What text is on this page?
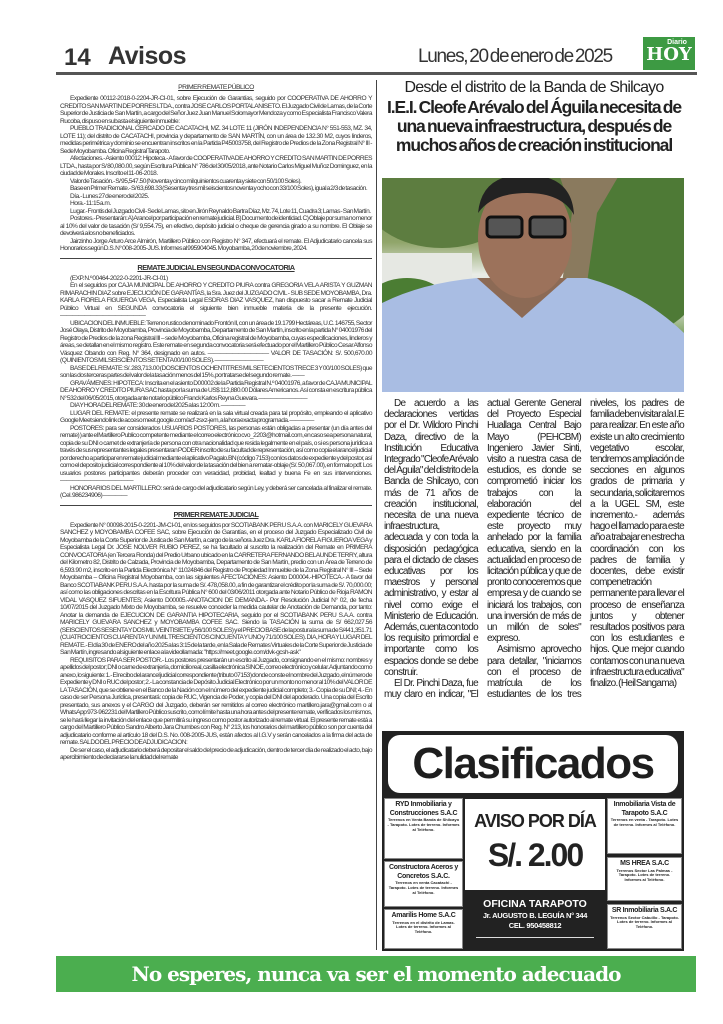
14 Avisos	Lunes, 20 de enero de 2025
Diario
HOY
PRIMER REMATE PÚBLICO

Expediente 00112-2018-0-2204-JR-CI-01, sobre Ejecución de Garantías, seguido por COOPERATIVA DE AHORRO Y CREDITO SAN MARTIN DE PORRES LTDA., contra JOSE CARLOS PORTAL ANISETO. El Juzgado Civil de Lamas, de la Corte Superior de Justicia de San Martín, a cargo del Señor Juez Juan Manuel Solomayor Mendoza y como Especialista Francisco Valera Rucoba, dispuso en subasta el siguiente inmueble:

PUEBLO TRADICIONAL CERCADO DE CACATACHI, MZ. 34 LOTE 11 (JIRÓN INDEPENDENCIA N° 551-553, MZ. 34, LOTE 11); del distrito de CACATACHI, provincia y departamento de SAN MARTÍN, con un área de 132.30 M2, cuyos linderos, medidas perimétrica y dominio se encuentran inscritos en la Partida P45003758, del Registro de Predios de la Zona Registral N° III - Sede Moyobamba. Oficina Registral Tarapoto.

Afectaciones.- Asiento 00012: Hipoteca.- A favor de COOPERATIVA DE AHORRO Y CREDITO SAN MARTIN DE PORRES LTDA., hasta por S/ 80,080.00, según Escritura Pública N° 786 del 30/05/2018, ante Notario Carlos Miguel Muñoz Dominguez, en la ciudad de Morales. Inscrito el 11-06-2018.

Valor de Tasación.- S/ 95,547.50 (Noventa y cinco mil quinientos cuarenta y siete con 50/100 Soles).

Base en Primer Remate.- S/ 63,698.33 (Sesenta y tres mil seiscientos noventa y ocho con 33/100 Soles), igual a 2/3 de tasación.

Día.- Lunes 27 de enero del 2025.

Hora.- 11:15 a.m.

Lugar.- Frontis del Juzgado Civil - Sede Lamas, sito en Jirón Reynaldo Bartra Díaz, Mz. 74, Lote 11, Cuadra 3; Lamas - San Martín.

Postores.- Presentarán: A) Arancel por participación en remate judicial. B) Documento de identidad. C) Oblaje por suma no menor al 10% del valor de tasación (S/ 9,554.75), en efectivo, depósito judicial o cheque de gerencia girado a su nombre. El Oblaje se devolverá a los no beneficiados.

Jairzinho Jorge Arturo Arce Almirón, Martillero Público con Registro N° 347, efectuará el remate. El Adjudicatario cancela sus Honorarios según D.S. N° 008-2005-JUS. Informes al 995904045. Moyobamba, 20 de noviembre, 2024.

REMATE JUDICIAL EN SEGUNDA CONVOCATORIA

(EXP. N.º 00464-2022-0-2201-JR-CI-01)

En el seguidos por CAJA MUNICIPAL DE AHORRO Y CREDITO PIURA contra GREGORIA VELA ARISTA Y GUZMAN RIMARACHIN DIAZ sobre EJECUCIÓN DE GARANTÍAS, la Sra. Juez del JUZGADO CIVIL - SUB SEDE MOYOBAMBA, Dra. KARLA FIORELA FIGUEROA VEGA, Especialista Legal ESDRAS DIAZ VASQUEZ, han dispuesto sacar a Remate Judicial Público Virtual en SEGUNDA convocatoria el siguiente bien inmueble materia de la presente ejecución. ——————————————

UBICACION DEL INMUEBLE: Terreno rustico denominado Frontón II, con un área de 19.1799 Hectáreas, U.C. 146755, Sector José Olaya, Distrito de Moyobamba, Provincia de Moyobamba, Departamento de San Martín, inscrito en la partida N° 04001976 del Registro de Predios de la zona Registral III – sede Moyobamba, Oficina registral de Moyobamba, cuyas especificaciones, linderos y áreas, se detallan en el mismo registro. Este remate en segunda convocatoria será efectuado por el Martillero Público Cesar Alfonso Vásquez Obando con Reg. N° 364, designado en autos. —————————— VALOR DE TASACIÓN: S/. 500,670.00 (QUINIENTOS MIL SEISCIENTOS SETENTA 00/100 SOLES). ————————

BASE DEL REMATE: S/. 283,713.00 (DOSCIENTOS OCHENTITRES MIL SETECIENTOS TRECE 3 Y 00/100 SOLES) que son las dos terceras partes del valor de la tasación menos del 15%, por tratarse del segundo remate. ——

GRAVÁMENES: HIPOTECA: Inscrita en el asiento D00002 de la Partida Registral N.º 04001976, a favor de CAJA MUNICIPAL DE AHORRO Y CREDITO PIURA SAC hasta por la suma de US$ 112,880.00 Dólares Americanos. Así consta en escritura pública N° 532 del 06/05/2015, otorgada ante notario público Franck Karlos Reyna Guevara. ————————

DIA Y HORA DEL REMATE: 30 de enero del 2025 a las 12:00 m. ————

LUGAR DEL REMATE: el presente remate se realizará en la sala virtual creada para tal propósito, empleando el aplicativo Google Meet siendo link de acceso meet.google.com/acf-zsxz-jem, a la hora exacta programada. ————

POSTORES: para ser considerados USUARIOS POSTORES, las personas están obligadas a presentar (un día antes del remate) ) ante el Martillero Publico competente mediante el correo electrónico cvo_2203@hotmail.com, en caso sea persona natural, copia de su DNI o carnet de extranjería de persona con otra nacionalidad que resida legalmente en el país, o si es persona jurídica a través de sus representantes legales presentaran PODER inscrito de su facultad de representación, así como copia el arancel judicial por derecho a participar en remate judicial mediante el aplicativo Pagalo.BN (código 7153) con los datos de expediente y del postor, así como el deposito judicial correspondiente al 10% del valor de la tasación del bien a rematar-oblaje (S/. 50,067.00), en formato pdf. Los usuarios postores participantes deberán proceder con veracidad, probidad, lealtad y buena Fe en sus intervenciones. ————————————

HONORARIOS DEL MARTILLERO: será de cargo del adjudicatario según Ley, y deberá ser cancelada al finalizar el remate. (Cel. 986234906) ————

PRIMER REMATE JUDICIAL

Expediente N° 00098-2015-0-2201-JM-CI-01, en los seguidos por SCOTIABANK PERU S.A.A. con MARICELY GUEVARA SANCHEZ y MOYOBAMBA COFEE SAC, sobre Ejecución de Garantías, en el proceso del Juzgado Especializado Civil de Moyobamba de la Corte Superior de Justica de San Martín, a cargo de la señora Juez Dra. KARLA FIORELA FIGUEROA VEGA y Especialista Legal Dr. JOSE NOLVER RUBIO PEREZ, se ha facultado al suscrito la realización del Remate en PRIMERA CONVOCATORIA (en Tercera Ronda) del Predio Urbano ubicado en la CARRETERA FERNANDO BELAUNDE TERRY, altura del Kilometro 82, Distrito de Calzada, Provincia de Moyobamba, Departamento de San Martín, predio con un Área de Terreno de 6,593.90 m2, inscrito en la Partida Electrónica N° 11024846 del Registro de Propiedad Inmueble de la Zona Registral N° III – Sede Moyobamba – Oficina Registral Moyobamba, con las siguientes AFECTACIONES: Asiento D00004.-HIPOTECA.- A favor del Banco SCOTIABANK PERU S.A.A. hasta por la suma de S/. 478,058.00, a fin de garantizar el crédito por la suma de S/. 70,000.00; así como las obligaciones descritas en la Escritura Pública N° 600 del 03/06/2011 otorgada ante Notario Público de Rioja RAMON VIDAL VASQUEZ SIFUENTES; Asiento D00005.-ANOTACION DE DEMANDA.- Por Resolución Judicial N° 02, de fecha 10/07/2015 del Juzgado Mixto de Moyobamba, se resuelve conceder la medida cautelar de Anotación de Demanda, por tanto: Anotar la demanda de EJECUCION DE GARANTIA HIPOTECARIA, seguido por el SCOTIABANK PERU S.A.A. contra MARICELY GUEVARA SANCHEZ y MOYOBAMBA COFEE SAC. Siendo la TASACIÓN la suma de S/ 662,027.56 (SEISCIENTOS SESENTA Y DOS MIL VEINTISIETE y 56/100 SOLES) y el PRECIO BASE de la postura la suma de S/441,351.71 (CUATROCIENTOS CUARENTA Y UN MIL TRESCIENTOS CINCUENTA Y UNO y 71/100 SOLES). DIA, HORA Y LUGAR DEL REMATE.- El día 30 de ENERO del año 2025 a las 3:15 de la tarde, en la Sala de Remates Virtuales de la Corte Superior de Justicia de San Martín, ingresando al siguiente enlace a la videollamada: "https://meet.google.com/dvk-gcsh-ask"

REQUISITOS PARA SER POSTOR.- Los postores presentarán un escrito al Juzgado, consignando en el mismo: nombres y apellidos del postor; DNI o carne de extranjería, domicilio real, casilla electrónica SINOE, correo electrónico y celular. Adjuntando como anexo, lo siguiente: 1.- El recibo del arancel judicial correspondiente (tributo 07153) donde conste el nombre del Juzgado, el número de Expediente y DNI o RUC del postor; 2.- La constancia de Depósito Judicial Electrónico por un monto no menor al 10% del VALOR DE LA TASACIÓN, que se obtiene en el Banco de la Nación con el número del expediente judicial completo; 3.- Copia de su DNI; 4.- En caso de ser Persona Jurídica, presentará: copia de RUC, Vigencia de Poder, y copia del DNI del apoderado. Una copia del Escrito presentado, sus anexos y el CARGO del Juzgado, deberán ser remitidos al correo electrónico martillero.jara@gmail.com o al WhatsApp 973-962231 del Martillero Público suscrito, como límite hasta una hora antes del presente remate, verificados los mismos, se le hará llegar la invitación del enlace que permitirá su ingreso como postor autorizado al remate virtual. El presente remate está a cargo del Martillero Público Sandro Alberto Jara Chumbes con Reg. N° 213, los honorarios del martillero público son por cuenta del adjudicatario conforme al artículo 18 del D.S. No. 008-2005-JUS, están afectos al I.G.V y serán cancelados a la firma del acta de remate. SALDO DEL PRECIO DE ADJUDICACION:

De ser el caso, el adjudicatario deberá depositar el saldo del precio de adjudicación, dentro de tercer día de realizado el acto, bajo apercibimiento de declararse la nulidad del remate

Desde el distrito de la Banda de Shilcayo
I.E.I. Cleofe Arévalo del Águila necesita de una nueva infraestructura, después de muchos años de creación institucional

De acuerdo a las declaraciones vertidas por el Dr. Wildoro Pinchi Daza, directivo de la Institución Educativa Integrado "Cleofe Arévalo del Águila" del distrito de la Banda de Shilcayo, con más de 71 años de creación institucional, necesita de una nueva infraestructura, adecuada y con toda la disposición pedagógica para el dictado de clases educativas por los maestros y personal administrativo, y estar al nivel como exige el Ministerio de Educación. Además, cuenta con todo los requisito primordial e importante como los espacios donde se debe construir.

El Dr. Pinchi Daza, fue muy claro en indicar, "El actual Gerente General del Proyecto Especial Huallaga Central Bajo Mayo (PEHCBM) Ingeniero Javier Sinti, visito a nuestra casa de estudios, es donde se comprometió iniciar los trabajos con la elaboración del expediente técnico de este proyecto muy anhelado por la familia educativa, siendo en la actualidad en proceso de licitación pública y que de pronto conoceremos que empresa y de cuando se iniciará los trabajos, con una inversión de más de un millón de soles" expreso.

Asimismo aprovecho para detallar, "iniciamos con el proceso de matrícula de los estudiantes de los tres niveles, los padres de familia deben visitar a la I.E para realizar. En este año existe un alto crecimiento vegetativo escolar, tendremos ampliación de secciones en algunos grados de primaria y secundaria, solicitaremos a la UGEL SM, este incremento.- además hago el llamado para este año a trabajar en estrecha coordinación con los padres de familia y docentes, debe existir compenetración permanente para llevar el proceso de enseñanza juntos y obtener resultados positivos para con los estudiantes e hijos. Que mejor cuando contamos con una nueva infraestructura educativa" finalizo. (Heil Sangama)

Clasificados
RYD Inmobiliaria y Construcciones S.A.C
Terrenos en Venta Banda de Shilcayo - Tarapoto. Lotes de terreno. Informes al Teléfono.
Constructora Aceros y Concretos S.A.C.
Terrenos en venta Cacatachi - Tarapoto. Lotes de terreno. Informes al Teléfono.
Amarilis Home S.A.C
Terrenos en el distrito de Lamas. Lotes de terreno. Informes al Teléfono.
AVISO POR DÍA
S/. 2.00
OFICINA TARAPOTO
Jr. AUGUSTO B. LEGUÍA N° 344
CEL. 950458812
Inmobiliaria Vista de Tarapoto S.A.C
Terrenos en venta - Tarapoto. Lotes de terreno. Informes al Teléfono.
MS HREA S.A.C
Terrenos Sector Las Palmas - Tarapoto. Lotes de terreno. Informes al Teléfono.
SR Inmobiliaria S.A.C
Terrenos Sector Cabuillo - Tarapoto. Lotes de terreno. Informes al Teléfono.
No esperes, nunca va ser el momento adecuado
